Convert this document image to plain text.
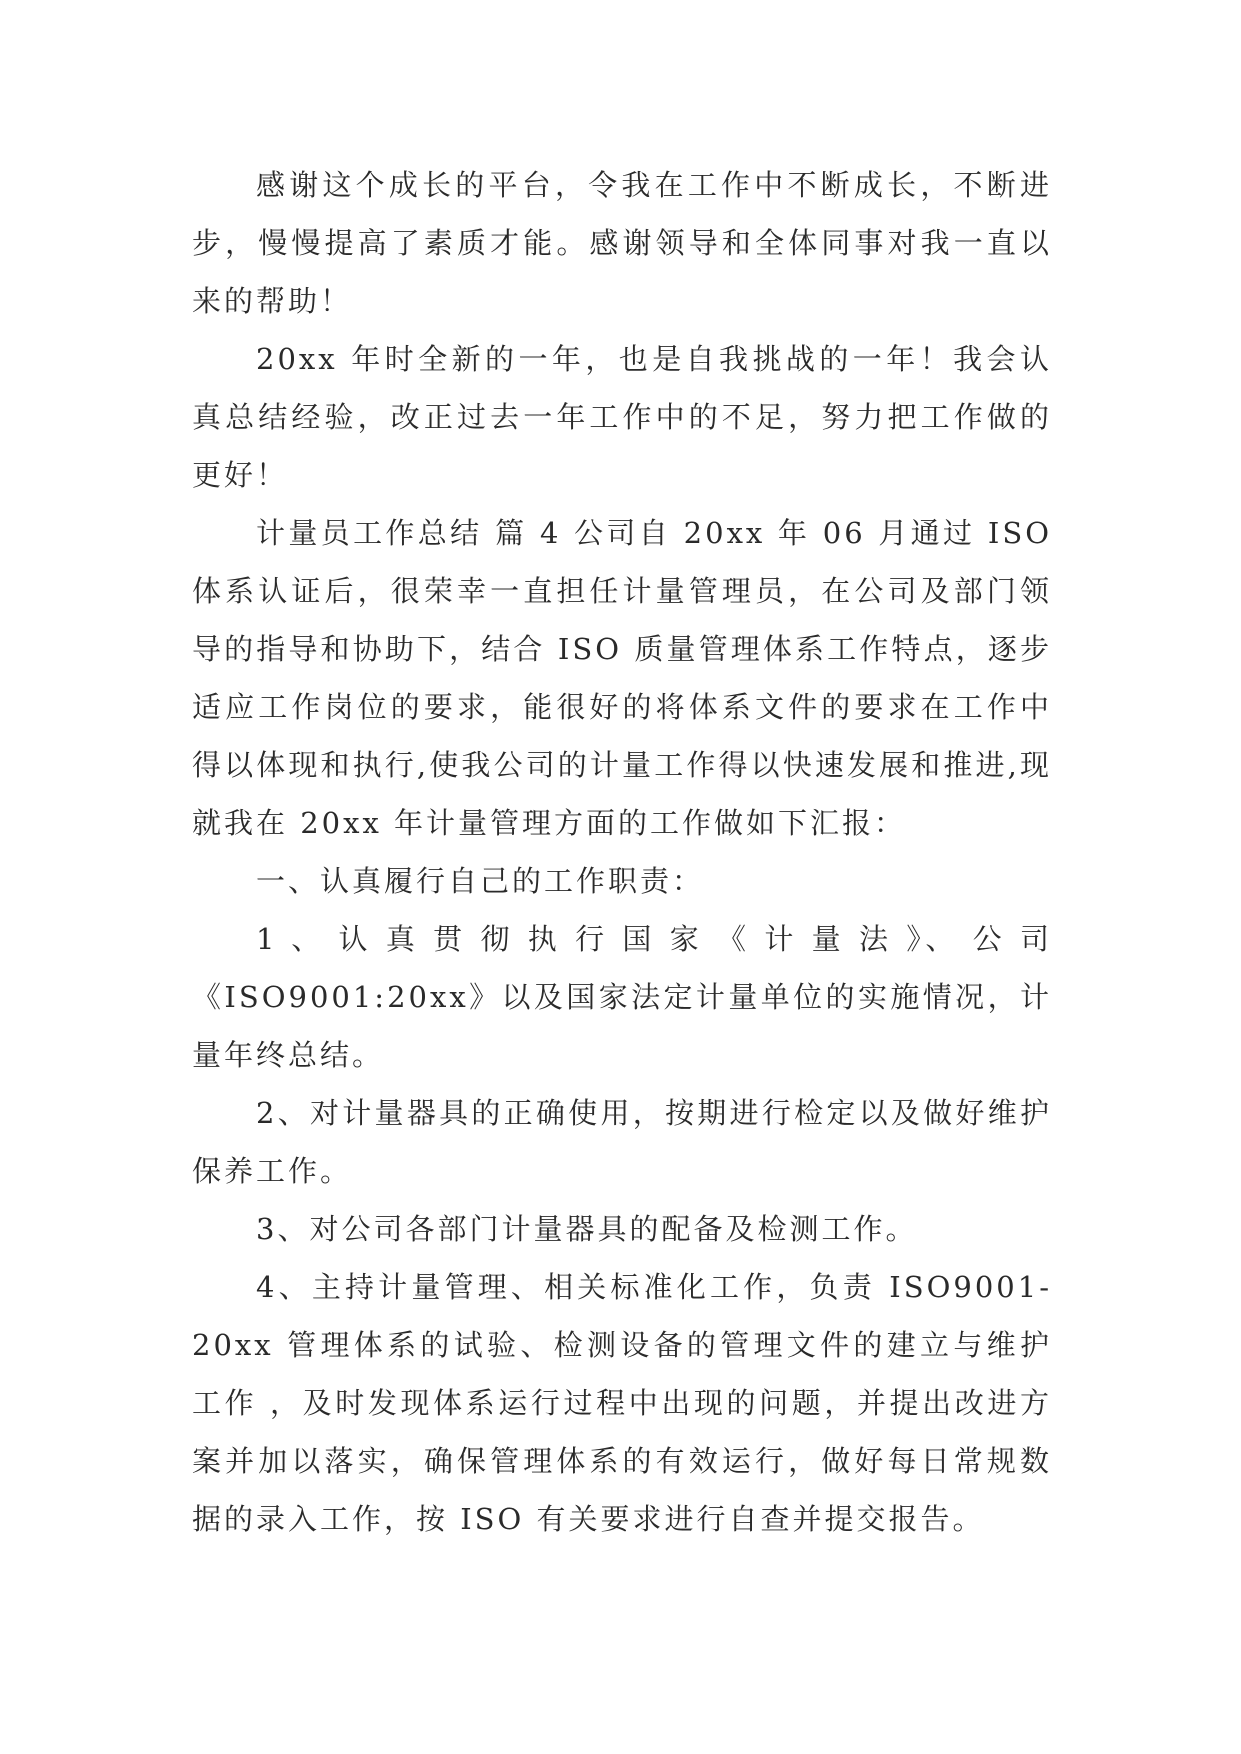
感谢这个成长的平台，令我在工作中不断成长，不断进步，慢慢提高了素质才能。感谢领导和全体同事对我一直以来的帮助！

20xx 年时全新的一年，也是自我挑战的一年！我会认真总结经验，改正过去一年工作中的不足，努力把工作做的更好！

计量员工作总结 篇 4 公司自 20xx 年 06 月通过 ISO 体系认证后，很荣幸一直担任计量管理员，在公司及部门领导的指导和协助下，结合 ISO 质量管理体系工作特点，逐步适应工作岗位的要求，能很好的将体系文件的要求在工作中得以体现和执行,使我公司的计量工作得以快速发展和推进,现就我在 20xx 年计量管理方面的工作做如下汇报：

一、认真履行自己的工作职责：

1 、 认 真 贯 彻 执 行 国 家 《 计 量 法 》、 公 司 《ISO9001:20xx》以及国家法定计量单位的实施情况，计量年终总结。

2、对计量器具的正确使用，按期进行检定以及做好维护保养工作。

3、对公司各部门计量器具的配备及检测工作。

4、主持计量管理、相关标准化工作，负责 ISO9001-20xx 管理体系的试验、检测设备的管理文件的建立与维护工作 ，及时发现体系运行过程中出现的问题，并提出改进方案并加以落实，确保管理体系的有效运行，做好每日常规数据的录入工作，按 ISO 有关要求进行自查并提交报告。
